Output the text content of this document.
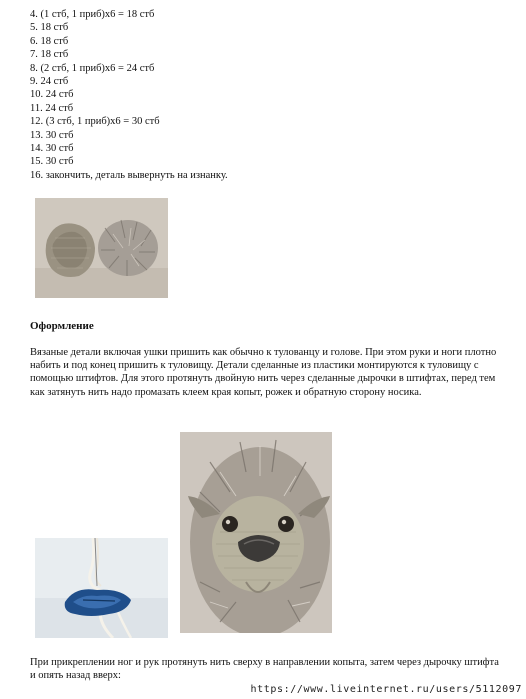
4. (1 стб, 1 приб)х6 = 18 стб
5. 18 стб
6. 18 стб
7. 18 стб
8. (2 стб, 1 приб)х6 = 24 стб
9. 24 стб
10. 24 стб
11. 24 стб
12. (3 стб, 1 приб)х6 = 30 стб
13. 30 стб
14. 30 стб
15. 30 стб
16. закончить, деталь вывернуть на изнанку.
Оформление
Вязаные детали включая ушки пришить как обычно к тулованцу и голове. При этом руки и ноги плотно набить и под конец пришить к туловищу. Детали сделанные из пластики монтируются к туловищу с помощью штифтов. Для этого протянуть двойную нить через сделанные дырочки в штифтах, перед тем как затянуть нить надо промазать клеем края копыт, рожек и обратную сторону носика.
При прикреплении ног и рук протянуть нить сверху в направлении копыта, затем через дырочку штифта и опять назад вверх:
https://www.liveinternet.ru/users/5112097
